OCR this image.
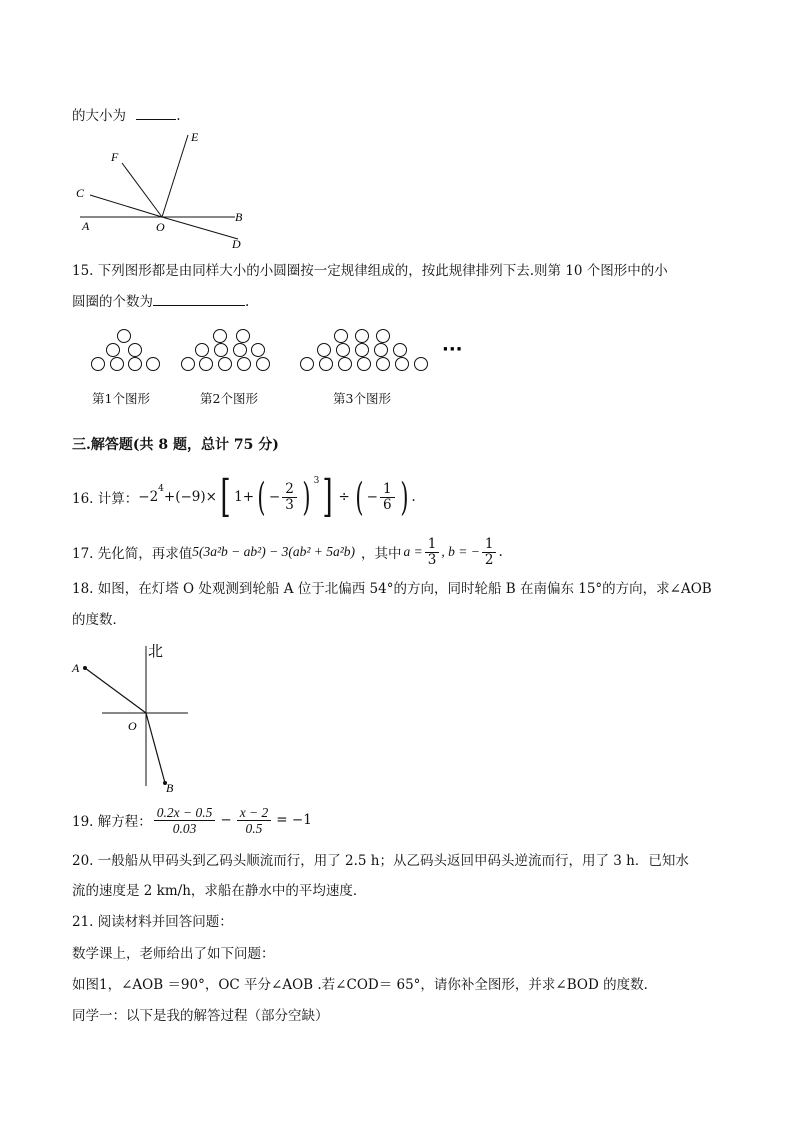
的大小为	.
E
F
C
A	O
B
D
15. 下列图形都是由同样大小的小圆圈按一定规律组成的，按此规律排列下去.则第 10 个图形中的小
圆圈的个数为	.
···
第1个图形	第2个图形	第3个图形
三.解答题(共 8 题，总计 75 分)
16. 计算： $-2^4 +(-9)\times$ [ 1+ ( − $\frac{2}{3}$ ) $^3$ ] ÷ ( − $\frac{1}{6}$ ) .
17. 先化简，再求值 5(3a²b − ab²) − 3(ab² + 5a²b) ，其中 $a = \frac{1}{3}$ , b = − $\frac{1}{2}$ .
18. 如图，在灯塔 O 处观测到轮船 A 位于北偏西 54°的方向，同时轮船 B 在南偏东 15°的方向，求∠AOB
的度数．
北
A
O
B
19. 解方程： $\frac{0.2x - 0.5}{0.03} - \frac{x - 2}{0.5} = -1$
20. 一般船从甲码头到乙码头顺流而行，用了 2.5 h；从乙码头返回甲码头逆流而行，用了 3 h．已知水
流的速度是 2 km/h，求船在静水中的平均速度．
21. 阅读材料并回答问题：
数学课上，老师给出了如下问题：
如图1，∠AOB ＝90°，OC 平分∠AOB .若∠COD＝ 65°，请你补全图形，并求∠BOD 的度数．
同学一：以下是我的解答过程（部分空缺）
